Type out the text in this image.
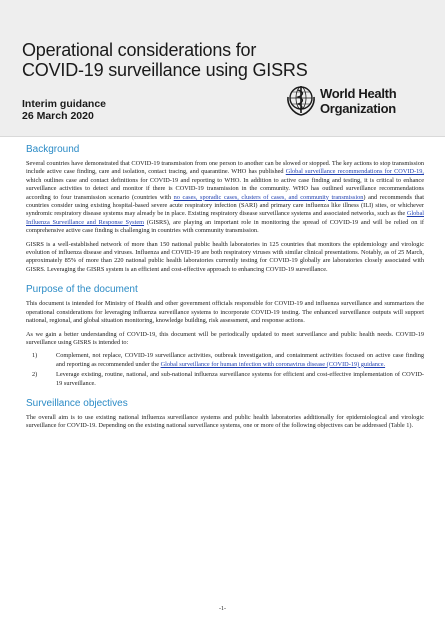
Operational considerations for COVID-19 surveillance using GISRS
Interim guidance
26 March 2020
World Health
Organization
Background

Several countries have demonstrated that COVID-19 transmission from one person to another can be slowed or stopped. The key actions to stop transmission include active case finding, care and isolation, contact tracing, and quarantine. WHO has published Global surveillance recommendations for COVID-19, which outlines case and contact definitions for COVID-19 and reporting to WHO. In addition to active case finding and testing, it is critical to enhance surveillance activities to detect and monitor if there is COVID-19 transmission in the community. WHO has outlined surveillance recommendations according to four transmission scenario (countries with no cases, sporadic cases, clusters of cases, and community transmission) and recommends that countries consider using existing hospital-based severe acute respiratory infection (SARI) and primary care influenza like illness (ILI) sites, or whichever syndromic respiratory disease systems may already be in place. Existing respiratory disease surveillance systems and associated networks, such as the Global Influenza Surveillance and Response System (GISRS), are playing an important role in monitoring the spread of COVID-19 and will be relied on if comprehensive active case finding is challenging in countries with community transmission.

GISRS is a well-established network of more than 150 national public health laboratories in 125 countries that monitors the epidemiology and virologic evolution of influenza disease and viruses. Influenza and COVID-19 are both respiratory viruses with similar clinical presentations. Notably, as of 25 March, approximately 85% of more than 220 national public health laboratories currently testing for COVID-19 globally are laboratories closely associated with GISRS. Leveraging the GISRS system is an efficient and cost-effective approach to enhancing COVID-19 surveillance.

Purpose of the document

This document is intended for Ministry of Health and other government officials responsible for COVID-19 and influenza surveillance and summarizes the operational considerations for leveraging influenza surveillance systems to incorporate COVID-19 testing. The enhanced surveillance outputs will support national, regional, and global situation monitoring, knowledge building, risk assessment, and response actions.

As we gain a better understanding of COVID-19, this document will be periodically updated to meet surveillance and public health needs. COVID-19 surveillance using GISRS is intended to:

1)	Complement, not replace, COVID-19 surveillance activities, outbreak investigation, and containment activities focused on active case finding and reporting as recommended under the Global surveillance for human infection with coronavirus disease (COVID-19) guidance.
2)	Leverage existing, routine, national, and sub-national influenza surveillance systems for efficient and cost-effective implementation of COVID-19 surveillance.
Surveillance objectives

The overall aim is to use existing national influenza surveillance systems and public health laboratories additionally for epidemiological and virologic surveillance for COVID-19. Depending on the existing national surveillance systems, one or more of the following objectives can be addressed (Table 1).

-1-
